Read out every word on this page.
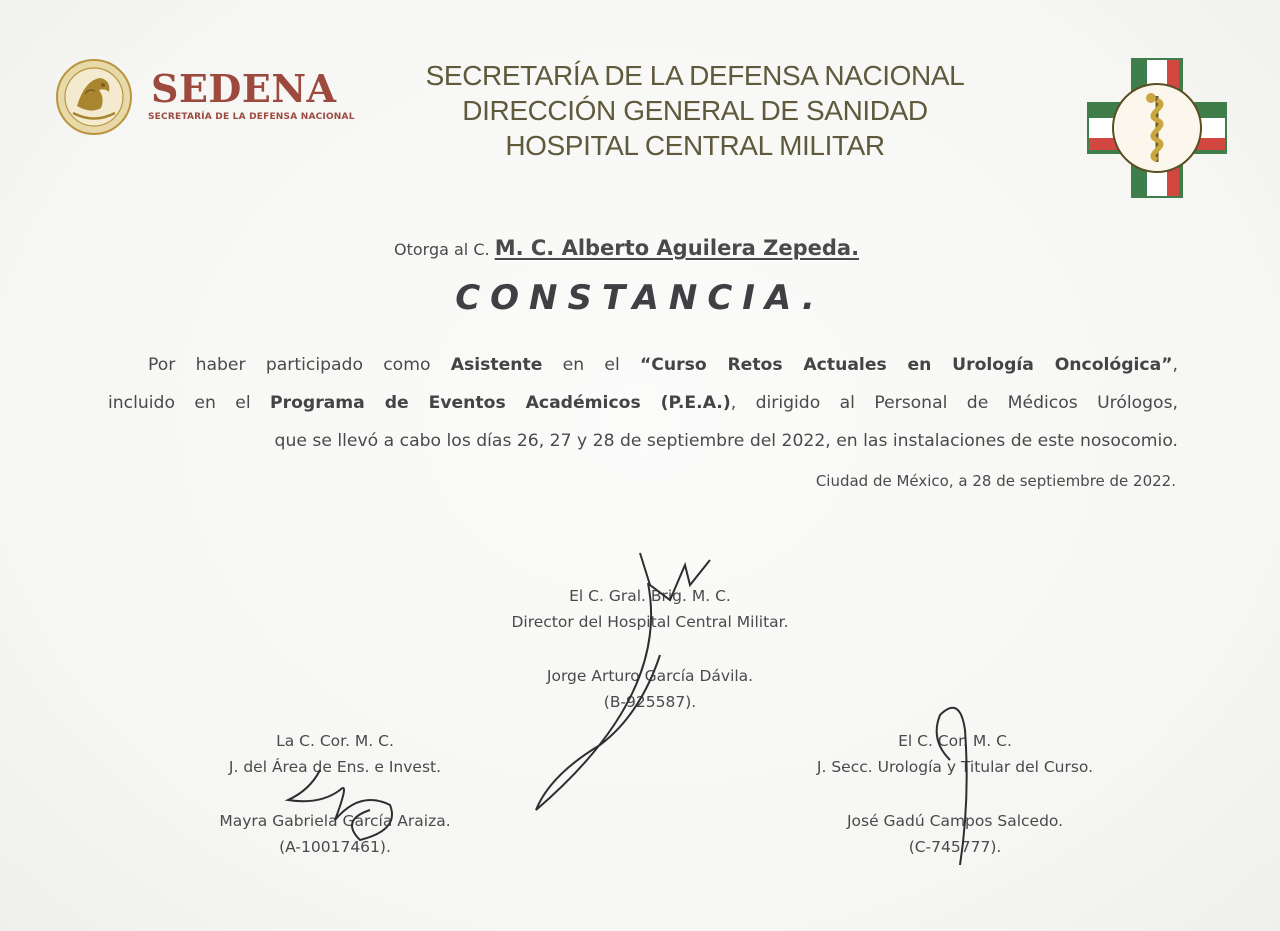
SEDENA
SECRETARÍA DE LA DEFENSA NACIONAL
SECRETARÍA DE LA DEFENSA NACIONAL
DIRECCIÓN GENERAL DE SANIDAD
HOSPITAL CENTRAL MILITAR
Otorga al C. M. C. Alberto Aguilera Zepeda.
CONSTANCIA.
Por haber participado como Asistente en el “Curso Retos Actuales en Urología Oncológica”,
incluido en el Programa de Eventos Académicos (P.E.A.), dirigido al Personal de Médicos Urólogos,
que se llevó a cabo los días 26, 27 y 28 de septiembre del 2022, en las instalaciones de este nosocomio.
Ciudad de México, a 28 de septiembre de 2022.
El C. Gral. Brig. M. C.
Director del Hospital Central Militar.
Jorge Arturo García Dávila.
(B-925587).
La C. Cor. M. C.
J. del Área de Ens. e Invest.
Mayra Gabriela García Araiza.
(A-10017461).
El C. Cor. M. C.
J. Secc. Urología y Titular del Curso.
José Gadú Campos Salcedo.
(C-745777).
